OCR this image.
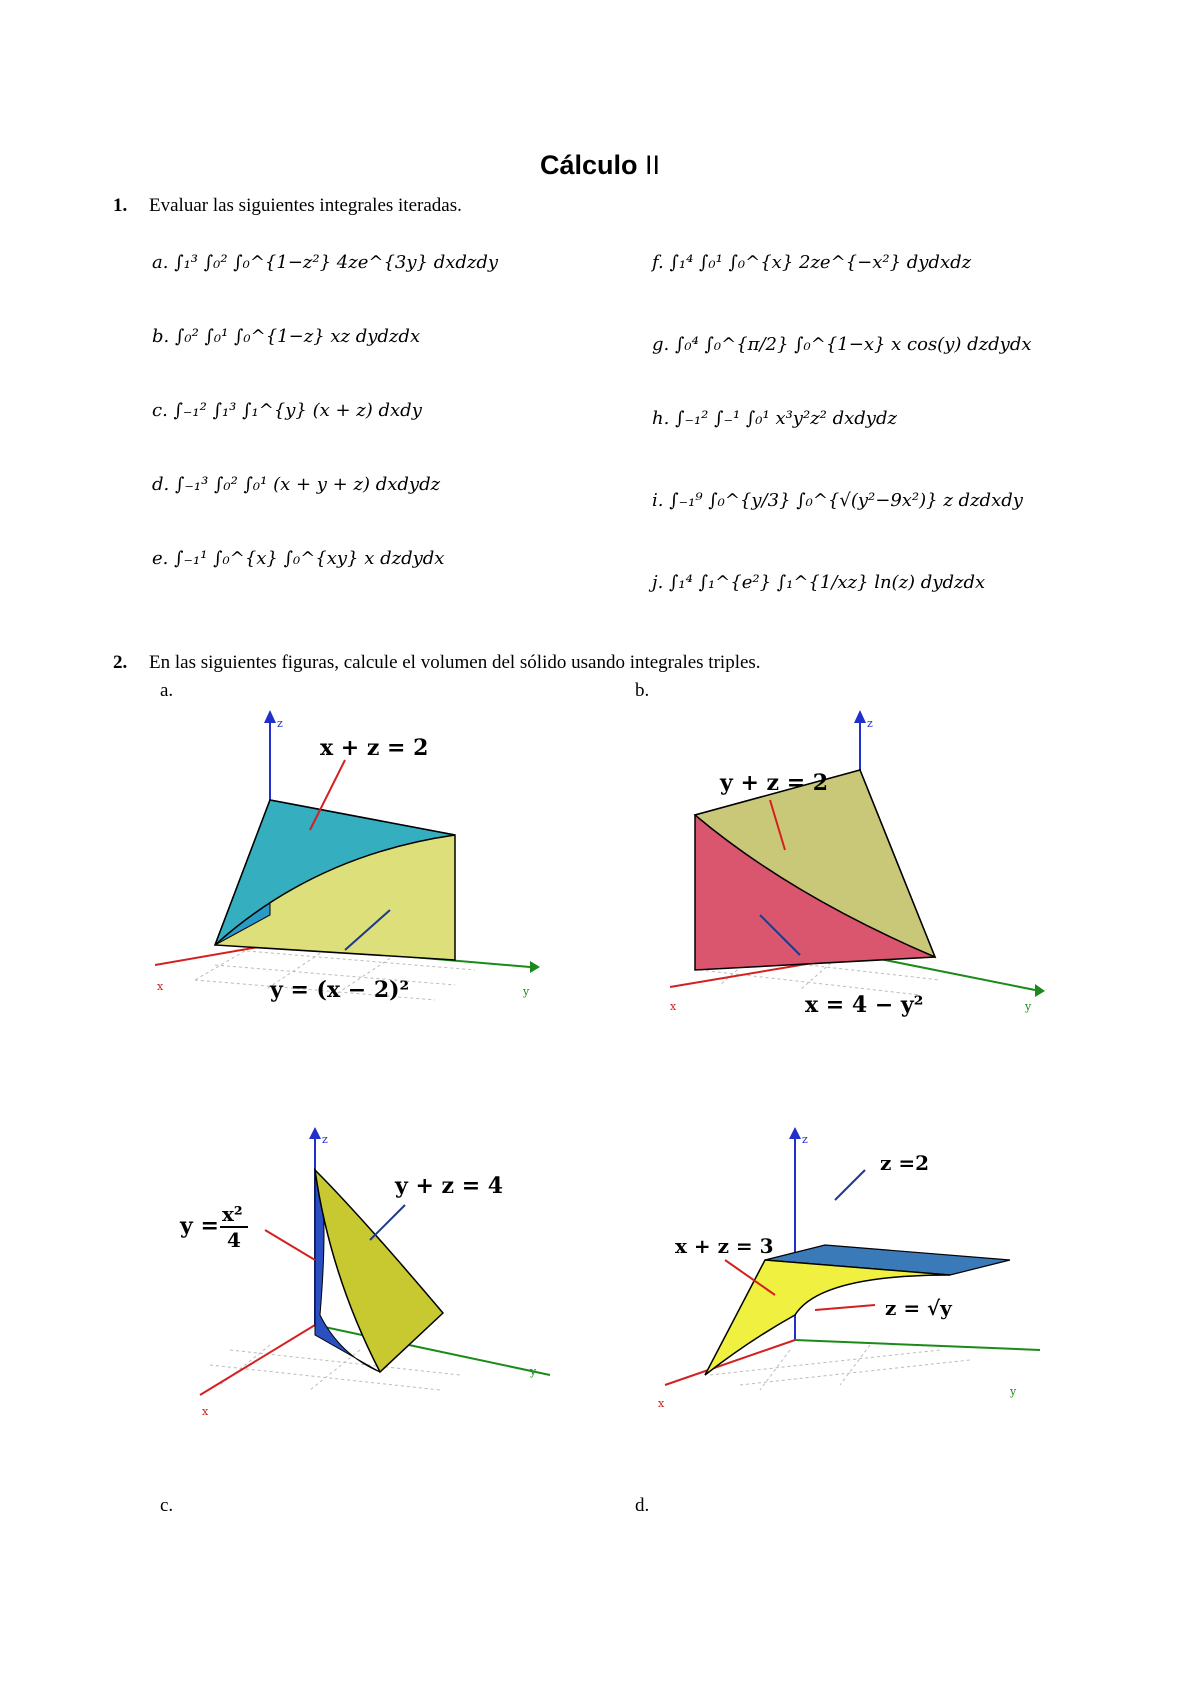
Cálculo II
1. Evaluar las siguientes integrales iteradas.
a. ∫₁³ ∫₀² ∫₀^{1−z²} 4ze^{3y} dxdzdy
b. ∫₀² ∫₀¹ ∫₀^{1−z} xz dydzdx
c. ∫₋₁² ∫₁³ ∫₁^{y} (x + z) dxdy
d. ∫₋₁³ ∫₀² ∫₀¹ (x + y + z) dxdydz
e. ∫₋₁¹ ∫₀^{x} ∫₀^{xy} x dzdydx
f. ∫₁⁴ ∫₀¹ ∫₀^{x} 2ze^{−x²} dydxdz
g. ∫₀⁴ ∫₀^{π/2} ∫₀^{1−x} x cos(y) dzdydx
h. ∫₋₁² ∫₋¹ ∫₀¹ x³y²z² dxdydz
i. ∫₋₁⁹ ∫₀^{y/3} ∫₀^{√(y²−9x²)} z dzdxdy
j. ∫₁⁴ ∫₁^{e²} ∫₁^{1/xz} ln(z) dydzdx
2. En las siguientes figuras, calcule el volumen del sólido usando integrales triples.
a.	b.
z
x	y
x + z = 2
y = (x − 2)²
z
x	y
y + z = 2
x = 4 − y²
z
x
y
y + z = 4
y = x²
4
z
x
y
z =2
x + z = 3
z = √y
c.	d.
